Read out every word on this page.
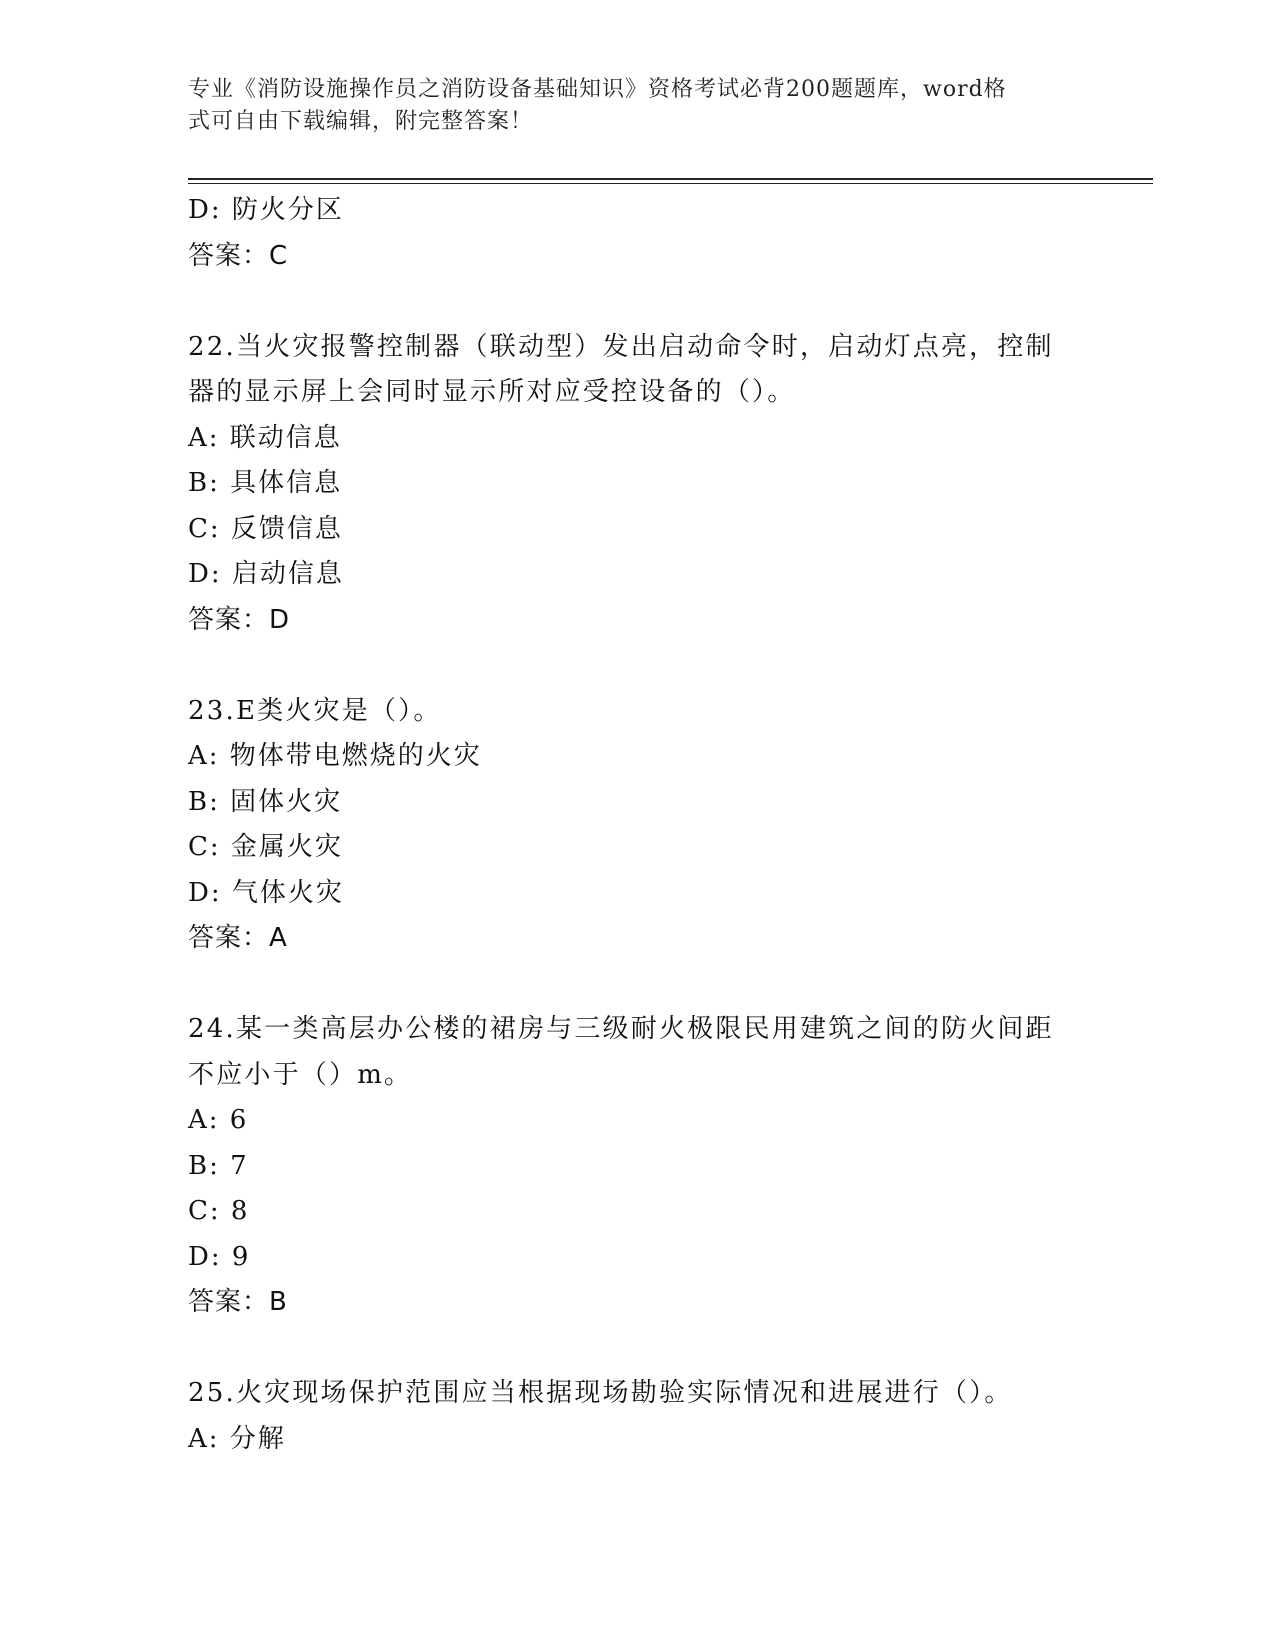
专业《消防设施操作员之消防设备基础知识》资格考试必背200题题库，word格
式可自由下载编辑，附完整答案！
D: 防火分区
答案：C
22.当火灾报警控制器（联动型）发出启动命令时，启动灯点亮，控制
器的显示屏上会同时显示所对应受控设备的（）。
A: 联动信息
B: 具体信息
C: 反馈信息
D: 启动信息
答案：D
23.E类火灾是（）。
A: 物体带电燃烧的火灾
B: 固体火灾
C: 金属火灾
D: 气体火灾
答案：A
24.某一类高层办公楼的裙房与三级耐火极限民用建筑之间的防火间距
不应小于（）m。
A: 6
B: 7
C: 8
D: 9
答案：B
25.火灾现场保护范围应当根据现场勘验实际情况和进展进行（）。
A: 分解
